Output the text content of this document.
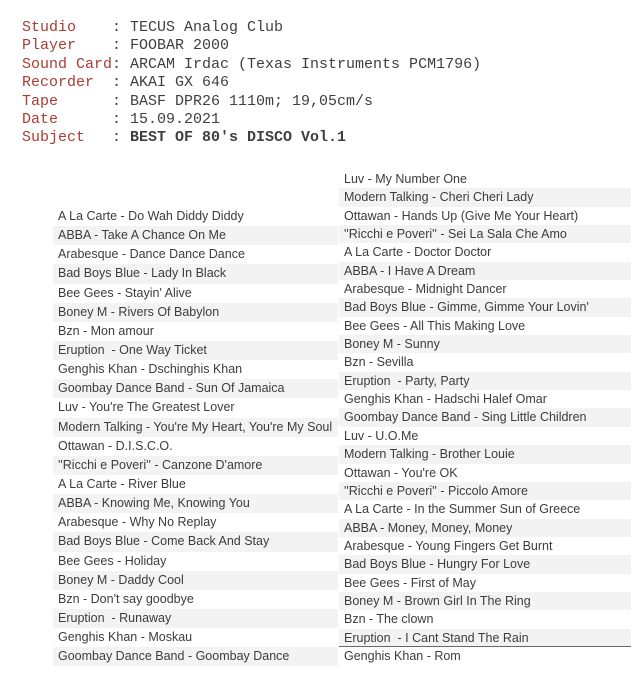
Studio : TECUS Analog Club
Player : FOOBAR 2000
Sound Card: ARCAM Irdac (Texas Instruments PCM1796)
Recorder : AKAI GX 646
Tape	: BASF DPR26 1110m; 19,05cm/s
Date	: 15.09.2021
Subject : BEST OF 80's DISCO Vol.1
A La Carte - Do Wah Diddy Diddy
ABBA - Take A Chance On Me
Arabesque - Dance Dance Dance
Bad Boys Blue - Lady In Black
Bee Gees - Stayin' Alive
Boney M - Rivers Of Babylon
Bzn - Mon amour
Eruption  - One Way Ticket
Genghis Khan - Dschinghis Khan
Goombay Dance Band - Sun Of Jamaica
Luv - You're The Greatest Lover
Modern Talking - You're My Heart, You're My Soul
Ottawan - D.I.S.C.O.
''Ricchi e Poveri'' - Canzone D'amore
A La Carte - River Blue
ABBA - Knowing Me, Knowing You
Arabesque - Why No Replay
Bad Boys Blue - Come Back And Stay
Bee Gees - Holiday
Boney M - Daddy Cool
Bzn - Don't say goodbye
Eruption  - Runaway
Genghis Khan - Moskau
Goombay Dance Band - Goombay Dance
Luv - My Number One
Modern Talking - Cheri Cheri Lady
Ottawan - Hands Up (Give Me Your Heart)
''Ricchi e Poveri'' - Sei La Sala Che Amo
A La Carte - Doctor Doctor
ABBA - I Have A Dream
Arabesque - Midnight Dancer
Bad Boys Blue - Gimme, Gimme Your Lovin'
Bee Gees - All This Making Love
Boney M - Sunny
Bzn - Sevilla
Eruption  - Party, Party
Genghis Khan - Hadschi Halef Omar
Goombay Dance Band - Sing Little Children
Luv - U.O.Me
Modern Talking - Brother Louie
Ottawan - You're OK
''Ricchi e Poveri'' - Piccolo Amore
A La Carte - In the Summer Sun of Greece
ABBA - Money, Money, Money
Arabesque - Young Fingers Get Burnt
Bad Boys Blue - Hungry For Love
Bee Gees - First of May
Boney M - Brown Girl In The Ring
Bzn - The clown
Eruption  - I Cant Stand The Rain
Genghis Khan - Rom
